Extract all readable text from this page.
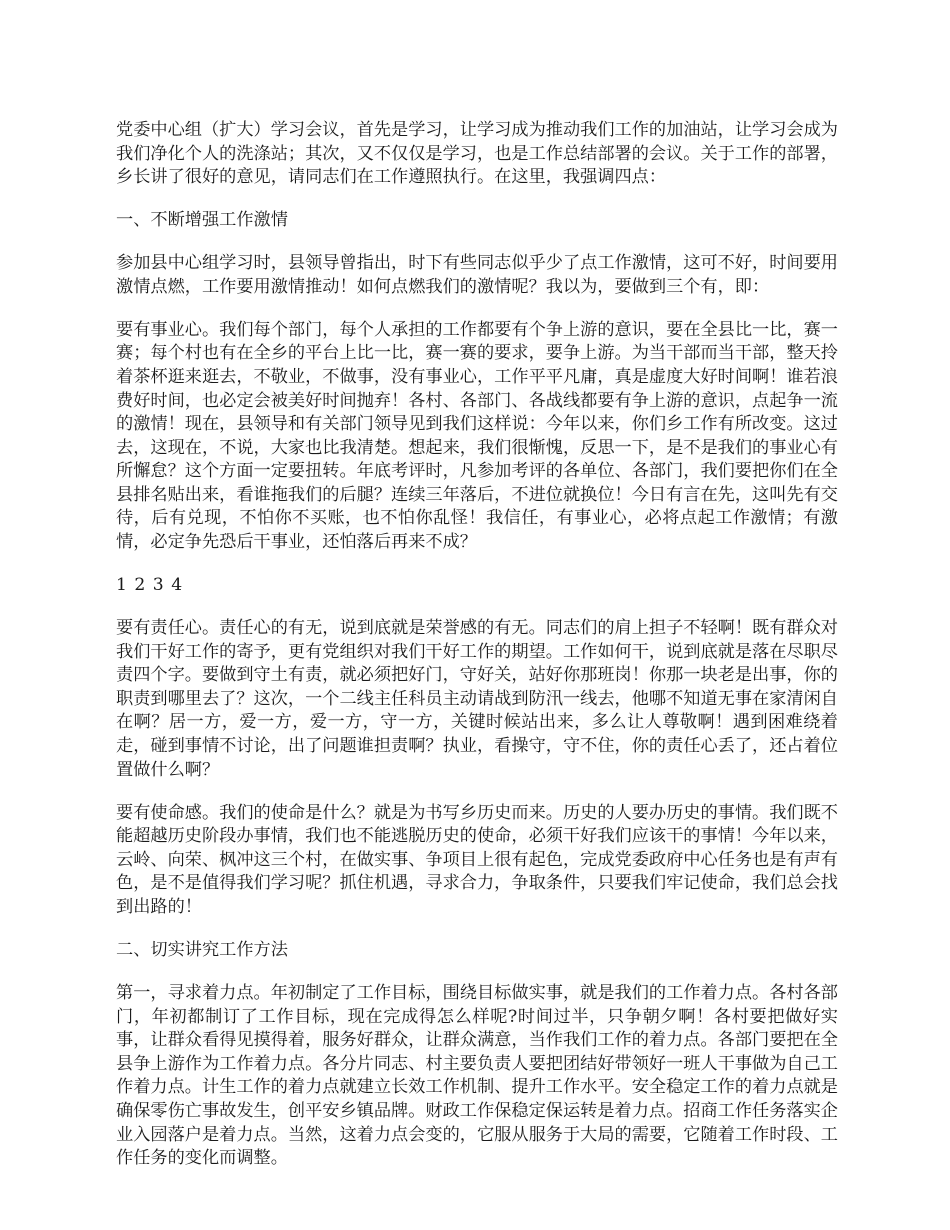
党委中心组（扩大）学习会议，首先是学习，让学习成为推动我们工作的加油站，让学习会成为我们净化个人的洗涤站；其次，又不仅仅是学习，也是工作总结部署的会议。关于工作的部署，乡长讲了很好的意见，请同志们在工作遵照执行。在这里，我强调四点：

一、不断增强工作激情

参加县中心组学习时，县领导曾指出，时下有些同志似乎少了点工作激情，这可不好，时间要用激情点燃，工作要用激情推动！如何点燃我们的激情呢？我以为，要做到三个有，即：

要有事业心。我们每个部门，每个人承担的工作都要有个争上游的意识，要在全县比一比，赛一赛；每个村也有在全乡的平台上比一比，赛一赛的要求，要争上游。为当干部而当干部，整天拎着茶杯逛来逛去，不敬业，不做事，没有事业心，工作平平凡庸，真是虚度大好时间啊！谁若浪费好时间，也必定会被美好时间抛弃！各村、各部门、各战线都要有争上游的意识，点起争一流的激情！现在，县领导和有关部门领导见到我们这样说：今年以来，你们乡工作有所改变。这过去，这现在，不说，大家也比我清楚。想起来，我们很惭愧，反思一下，是不是我们的事业心有所懈怠？这个方面一定要扭转。年底考评时，凡参加考评的各单位、各部门，我们要把你们在全县排名贴出来，看谁拖我们的后腿？连续三年落后，不进位就换位！今日有言在先，这叫先有交待，后有兑现，不怕你不买账，也不怕你乱怪！我信任，有事业心，必将点起工作激情；有激情，必定争先恐后干事业，还怕落后再来不成？

1 2 3 4

要有责任心。责任心的有无，说到底就是荣誉感的有无。同志们的肩上担子不轻啊！既有群众对我们干好工作的寄予，更有党组织对我们干好工作的期望。工作如何干，说到底就是落在尽职尽责四个字。要做到守土有责，就必须把好门，守好关，站好你那班岗！你那一块老是出事，你的职责到哪里去了？这次，一个二线主任科员主动请战到防汛一线去，他哪不知道无事在家清闲自在啊？居一方，爱一方，爱一方，守一方，关键时候站出来，多么让人尊敬啊！遇到困难绕着走，碰到事情不讨论，出了问题谁担责啊？执业，看操守，守不住，你的责任心丢了，还占着位置做什么啊？

要有使命感。我们的使命是什么？就是为书写乡历史而来。历史的人要办历史的事情。我们既不能超越历史阶段办事情，我们也不能逃脱历史的使命，必须干好我们应该干的事情！今年以来，云岭、向荣、枫冲这三个村，在做实事、争项目上很有起色，完成党委政府中心任务也是有声有色，是不是值得我们学习呢？抓住机遇，寻求合力，争取条件，只要我们牢记使命，我们总会找到出路的！

二、切实讲究工作方法

第一，寻求着力点。年初制定了工作目标，围绕目标做实事，就是我们的工作着力点。各村各部门，年初都制订了工作目标，现在完成得怎么样呢?时间过半，只争朝夕啊！各村要把做好实事，让群众看得见摸得着，服务好群众，让群众满意，当作我们工作的着力点。各部门要把在全县争上游作为工作着力点。各分片同志、村主要负责人要把团结好带领好一班人干事做为自己工作着力点。计生工作的着力点就建立长效工作机制、提升工作水平。安全稳定工作的着力点就是确保零伤亡事故发生，创平安乡镇品牌。财政工作保稳定保运转是着力点。招商工作任务落实企业入园落户是着力点。当然，这着力点会变的，它服从服务于大局的需要，它随着工作时段、工作任务的变化而调整。
